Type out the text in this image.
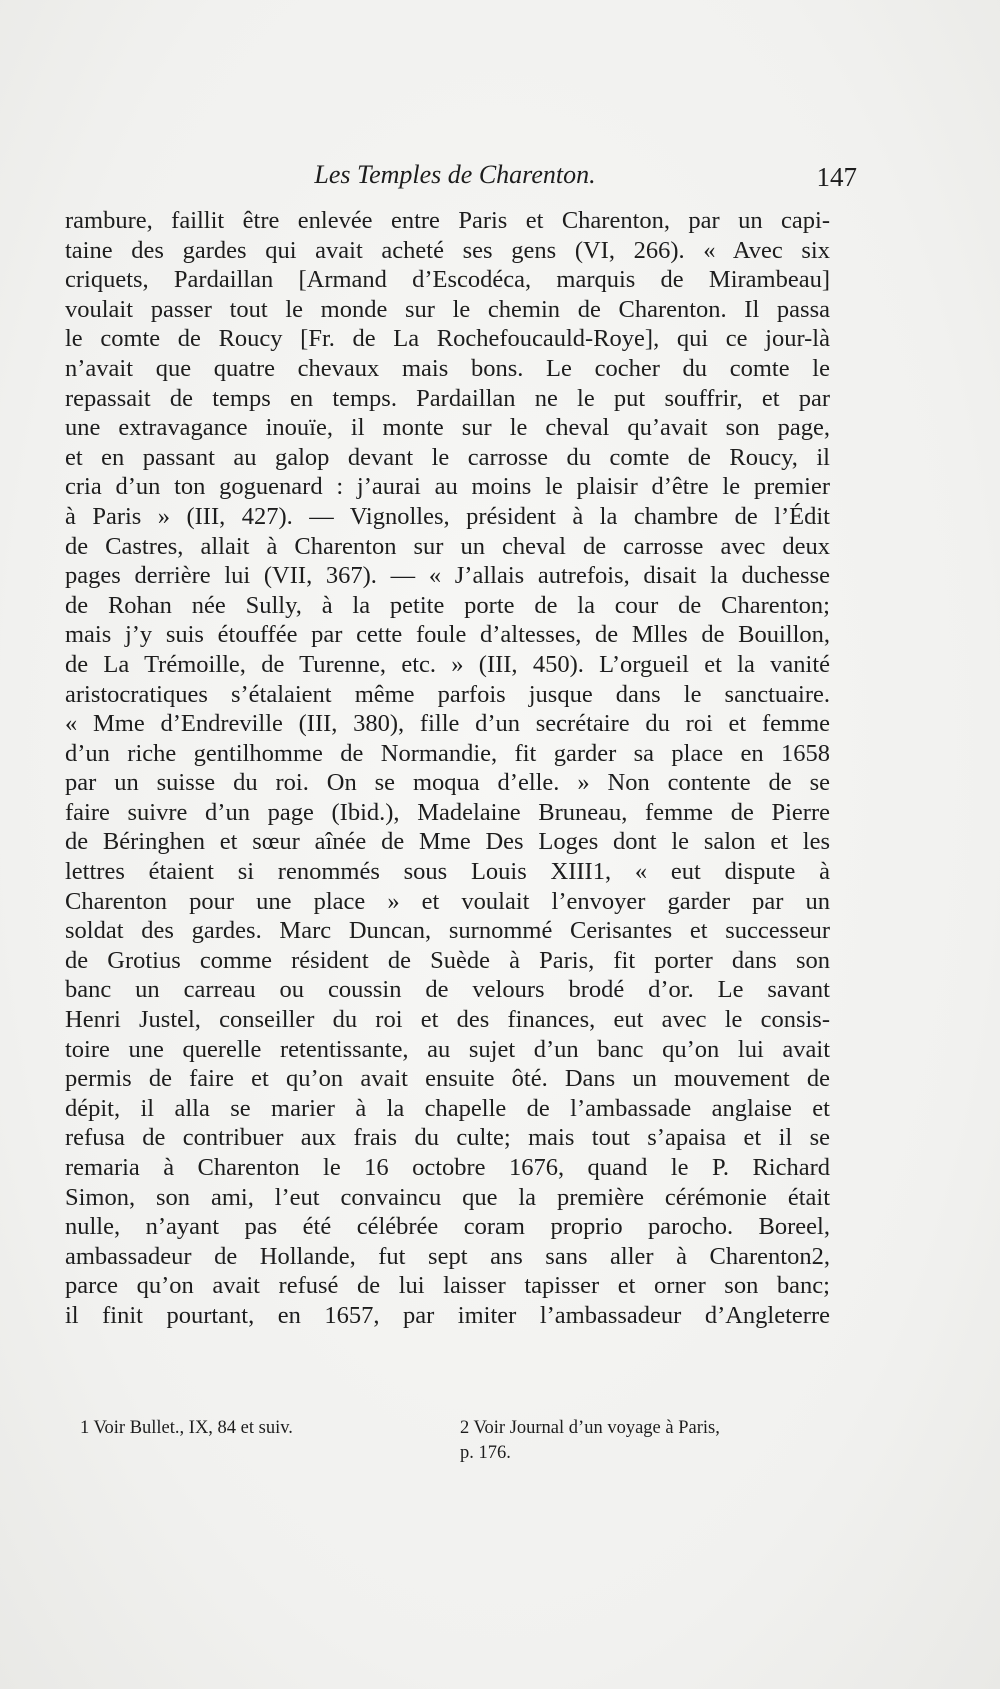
Les Temples de Charenton.	147
rambure, faillit être enlevée entre Paris et Charenton, par un capi-
taine des gardes qui avait acheté ses gens (VI, 266). « Avec six
criquets, Pardaillan [Armand d’Escodéca, marquis de Mirambeau]
voulait passer tout le monde sur le chemin de Charenton. Il passa
le comte de Roucy [Fr. de La Rochefoucauld-Roye], qui ce jour-là
n’avait que quatre chevaux mais bons. Le cocher du comte le
repassait de temps en temps. Pardaillan ne le put souffrir, et par
une extravagance inouïe, il monte sur le cheval qu’avait son page,
et en passant au galop devant le carrosse du comte de Roucy, il
cria d’un ton goguenard : j’aurai au moins le plaisir d’être le premier
à Paris » (III, 427). — Vignolles, président à la chambre de l’Édit
de Castres, allait à Charenton sur un cheval de carrosse avec deux
pages derrière lui (VII, 367). — « J’allais autrefois, disait la duchesse
de Rohan née Sully, à la petite porte de la cour de Charenton;
mais j’y suis étouffée par cette foule d’altesses, de Mlles de Bouillon,
de La Trémoille, de Turenne, etc. » (III, 450). L’orgueil et la vanité
aristocratiques s’étalaient même parfois jusque dans le sanctuaire.
« Mme d’Endreville (III, 380), fille d’un secrétaire du roi et femme
d’un riche gentilhomme de Normandie, fit garder sa place en 1658
par un suisse du roi. On se moqua d’elle. » Non contente de se
faire suivre d’un page (Ibid.), Madelaine Bruneau, femme de Pierre
de Béringhen et sœur aînée de Mme Des Loges dont le salon et les
lettres étaient si renommés sous Louis XIII1, « eut dispute à
Charenton pour une place » et voulait l’envoyer garder par un
soldat des gardes. Marc Duncan, surnommé Cerisantes et successeur
de Grotius comme résident de Suède à Paris, fit porter dans son
banc un carreau ou coussin de velours brodé d’or. Le savant
Henri Justel, conseiller du roi et des finances, eut avec le consis-
toire une querelle retentissante, au sujet d’un banc qu’on lui avait
permis de faire et qu’on avait ensuite ôté. Dans un mouvement de
dépit, il alla se marier à la chapelle de l’ambassade anglaise et
refusa de contribuer aux frais du culte; mais tout s’apaisa et il se
remaria à Charenton le 16 octobre 1676, quand le P. Richard
Simon, son ami, l’eut convaincu que la première cérémonie était
nulle, n’ayant pas été célébrée coram proprio parocho. Boreel,
ambassadeur de Hollande, fut sept ans sans aller à Charenton2,
parce qu’on avait refusé de lui laisser tapisser et orner son banc;
il finit pourtant, en 1657, par imiter l’ambassadeur d’Angleterre
1 Voir Bullet., IX, 84 et suiv.	2 Voir Journal d’un voyage à Paris,
p. 176.
